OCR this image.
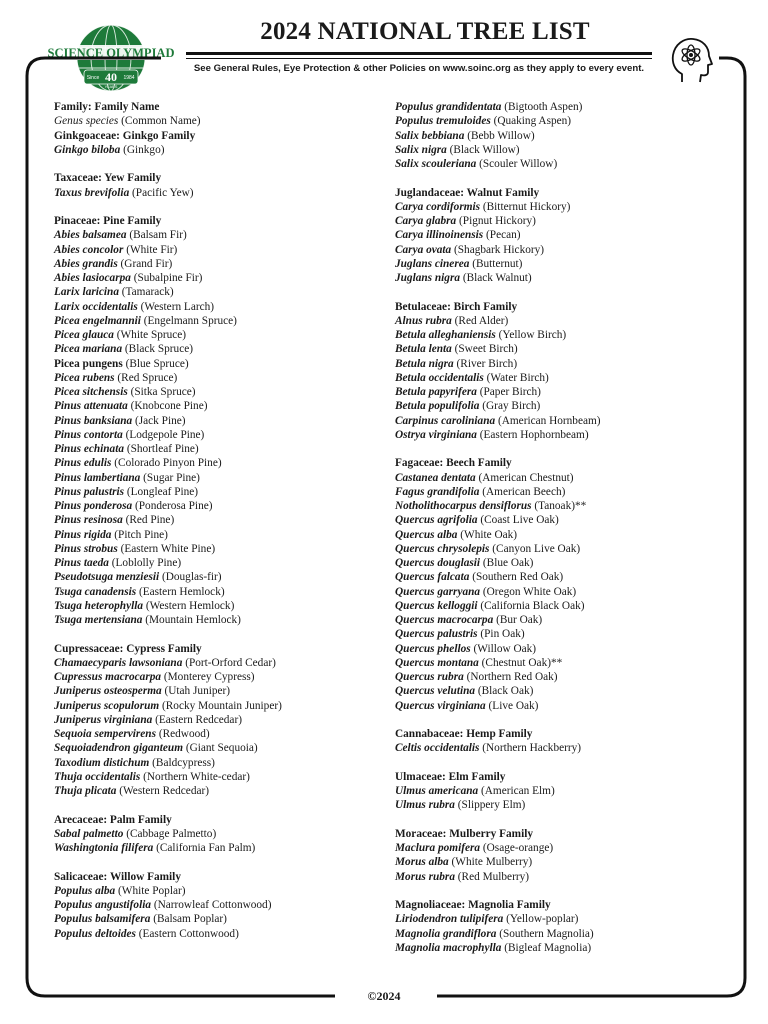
SCIENCE OLYMPIAD
Since 40 1984
YEARS
2024 NATIONAL TREE LIST
See General Rules, Eye Protection & other Policies on www.soinc.org as they apply to every event.
Family: Family Name
Genus species (Common Name)
Ginkgoaceae: Ginkgo Family
Ginkgo biloba (Ginkgo)
Taxaceae: Yew Family
Taxus brevifolia (Pacific Yew)
Pinaceae: Pine Family
Abies balsamea (Balsam Fir)
Abies concolor (White Fir)
Abies grandis (Grand Fir)
Abies lasiocarpa (Subalpine Fir)
Larix laricina (Tamarack)
Larix occidentalis (Western Larch)
Picea engelmannii (Engelmann Spruce)
Picea glauca (White Spruce)
Picea mariana (Black Spruce)
Picea pungens (Blue Spruce)
Picea rubens (Red Spruce)
Picea sitchensis (Sitka Spruce)
Pinus attenuata (Knobcone Pine)
Pinus banksiana (Jack Pine)
Pinus contorta (Lodgepole Pine)
Pinus echinata (Shortleaf Pine)
Pinus edulis (Colorado Pinyon Pine)
Pinus lambertiana (Sugar Pine)
Pinus palustris (Longleaf Pine)
Pinus ponderosa (Ponderosa Pine)
Pinus resinosa (Red Pine)
Pinus rigida (Pitch Pine)
Pinus strobus (Eastern White Pine)
Pinus taeda (Loblolly Pine)
Pseudotsuga menziesii (Douglas-fir)
Tsuga canadensis (Eastern Hemlock)
Tsuga heterophylla (Western Hemlock)
Tsuga mertensiana (Mountain Hemlock)
Cupressaceae: Cypress Family
Chamaecyparis lawsoniana (Port-Orford Cedar)
Cupressus macrocarpa (Monterey Cypress)
Juniperus osteosperma (Utah Juniper)
Juniperus scopulorum (Rocky Mountain Juniper)
Juniperus virginiana (Eastern Redcedar)
Sequoia sempervirens (Redwood)
Sequoiadendron giganteum (Giant Sequoia)
Taxodium distichum (Baldcypress)
Thuja occidentalis (Northern White-cedar)
Thuja plicata (Western Redcedar)
Arecaceae: Palm Family
Sabal palmetto (Cabbage Palmetto)
Washingtonia filifera (California Fan Palm)
Salicaceae: Willow Family
Populus alba (White Poplar)
Populus angustifolia (Narrowleaf Cottonwood)
Populus balsamifera (Balsam Poplar)
Populus deltoides (Eastern Cottonwood)
Populus grandidentata (Bigtooth Aspen)
Populus tremuloides (Quaking Aspen)
Salix bebbiana (Bebb Willow)
Salix nigra (Black Willow)
Salix scouleriana (Scouler Willow)
Juglandaceae: Walnut Family
Carya cordiformis (Bitternut Hickory)
Carya glabra (Pignut Hickory)
Carya illinoinensis (Pecan)
Carya ovata (Shagbark Hickory)
Juglans cinerea (Butternut)
Juglans nigra (Black Walnut)
Betulaceae: Birch Family
Alnus rubra (Red Alder)
Betula alleghaniensis (Yellow Birch)
Betula lenta (Sweet Birch)
Betula nigra (River Birch)
Betula occidentalis (Water Birch)
Betula papyrifera (Paper Birch)
Betula populifolia (Gray Birch)
Carpinus caroliniana (American Hornbeam)
Ostrya virginiana (Eastern Hophornbeam)
Fagaceae: Beech Family
Castanea dentata (American Chestnut)
Fagus grandifolia (American Beech)
Notholithocarpus densiflorus (Tanoak)**
Quercus agrifolia (Coast Live Oak)
Quercus alba (White Oak)
Quercus chrysolepis (Canyon Live Oak)
Quercus douglasii (Blue Oak)
Quercus falcata (Southern Red Oak)
Quercus garryana (Oregon White Oak)
Quercus kelloggii (California Black Oak)
Quercus macrocarpa (Bur Oak)
Quercus palustris (Pin Oak)
Quercus phellos (Willow Oak)
Quercus montana (Chestnut Oak)**
Quercus rubra (Northern Red Oak)
Quercus velutina (Black Oak)
Quercus virginiana (Live Oak)
Cannabaceae: Hemp Family
Celtis occidentalis (Northern Hackberry)
Ulmaceae: Elm Family
Ulmus americana (American Elm)
Ulmus rubra (Slippery Elm)
Moraceae: Mulberry Family
Maclura pomifera (Osage-orange)
Morus alba (White Mulberry)
Morus rubra (Red Mulberry)
Magnoliaceae: Magnolia Family
Liriodendron tulipifera (Yellow-poplar)
Magnolia grandiflora (Southern Magnolia)
Magnolia macrophylla (Bigleaf Magnolia)
©2024
